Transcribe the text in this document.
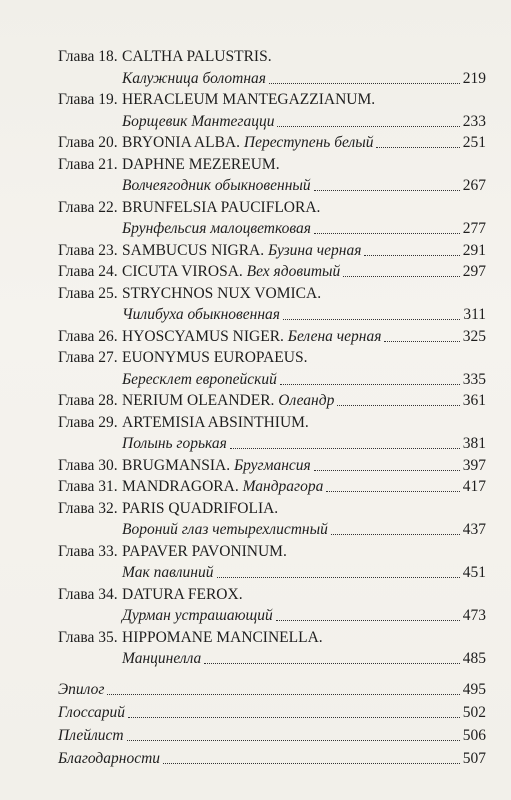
Глава 18. CALTHA PALUSTRIS.
Калужница болотная	219
Глава 19. HERACLEUM MANTEGAZZIANUM.
Борщевик Мантегацци	233
Глава 20. BRYONIA ALBA. Переступень белый	251
Глава 21. DAPHNE MEZEREUM.
Волчеягодник обыкновенный	267
Глава 22. BRUNFELSIA PAUCIFLORA.
Брунфельсия малоцветковая	277
Глава 23. SAMBUCUS NIGRA. Бузина черная	291
Глава 24. CICUTA VIROSA. Вех ядовитый	297
Глава 25. STRYCHNOS NUX VOMICA.
Чилибуха обыкновенная	311
Глава 26. HYOSCYAMUS NIGER. Белена черная	325
Глава 27. EUONYMUS EUROPAEUS.
Бересклет европейский	335
Глава 28. NERIUM OLEANDER. Олеандр	361
Глава 29. ARTEMISIA ABSINTHIUM.
Полынь горькая	381
Глава 30. BRUGMANSIA. Бругмансия	397
Глава 31. MANDRAGORA. Мандрагора	417
Глава 32. PARIS QUADRIFOLIA.
Вороний глаз четырехлистный	437
Глава 33. PAPAVER PAVONINUM.
Мак павлиний	451
Глава 34. DATURA FEROX.
Дурман устрашающий	473
Глава 35. HIPPOMANE MANCINELLA.
Манцинелла	485
Эпилог	495
Глоссарий	502
Плейлист	506
Благодарности	507
